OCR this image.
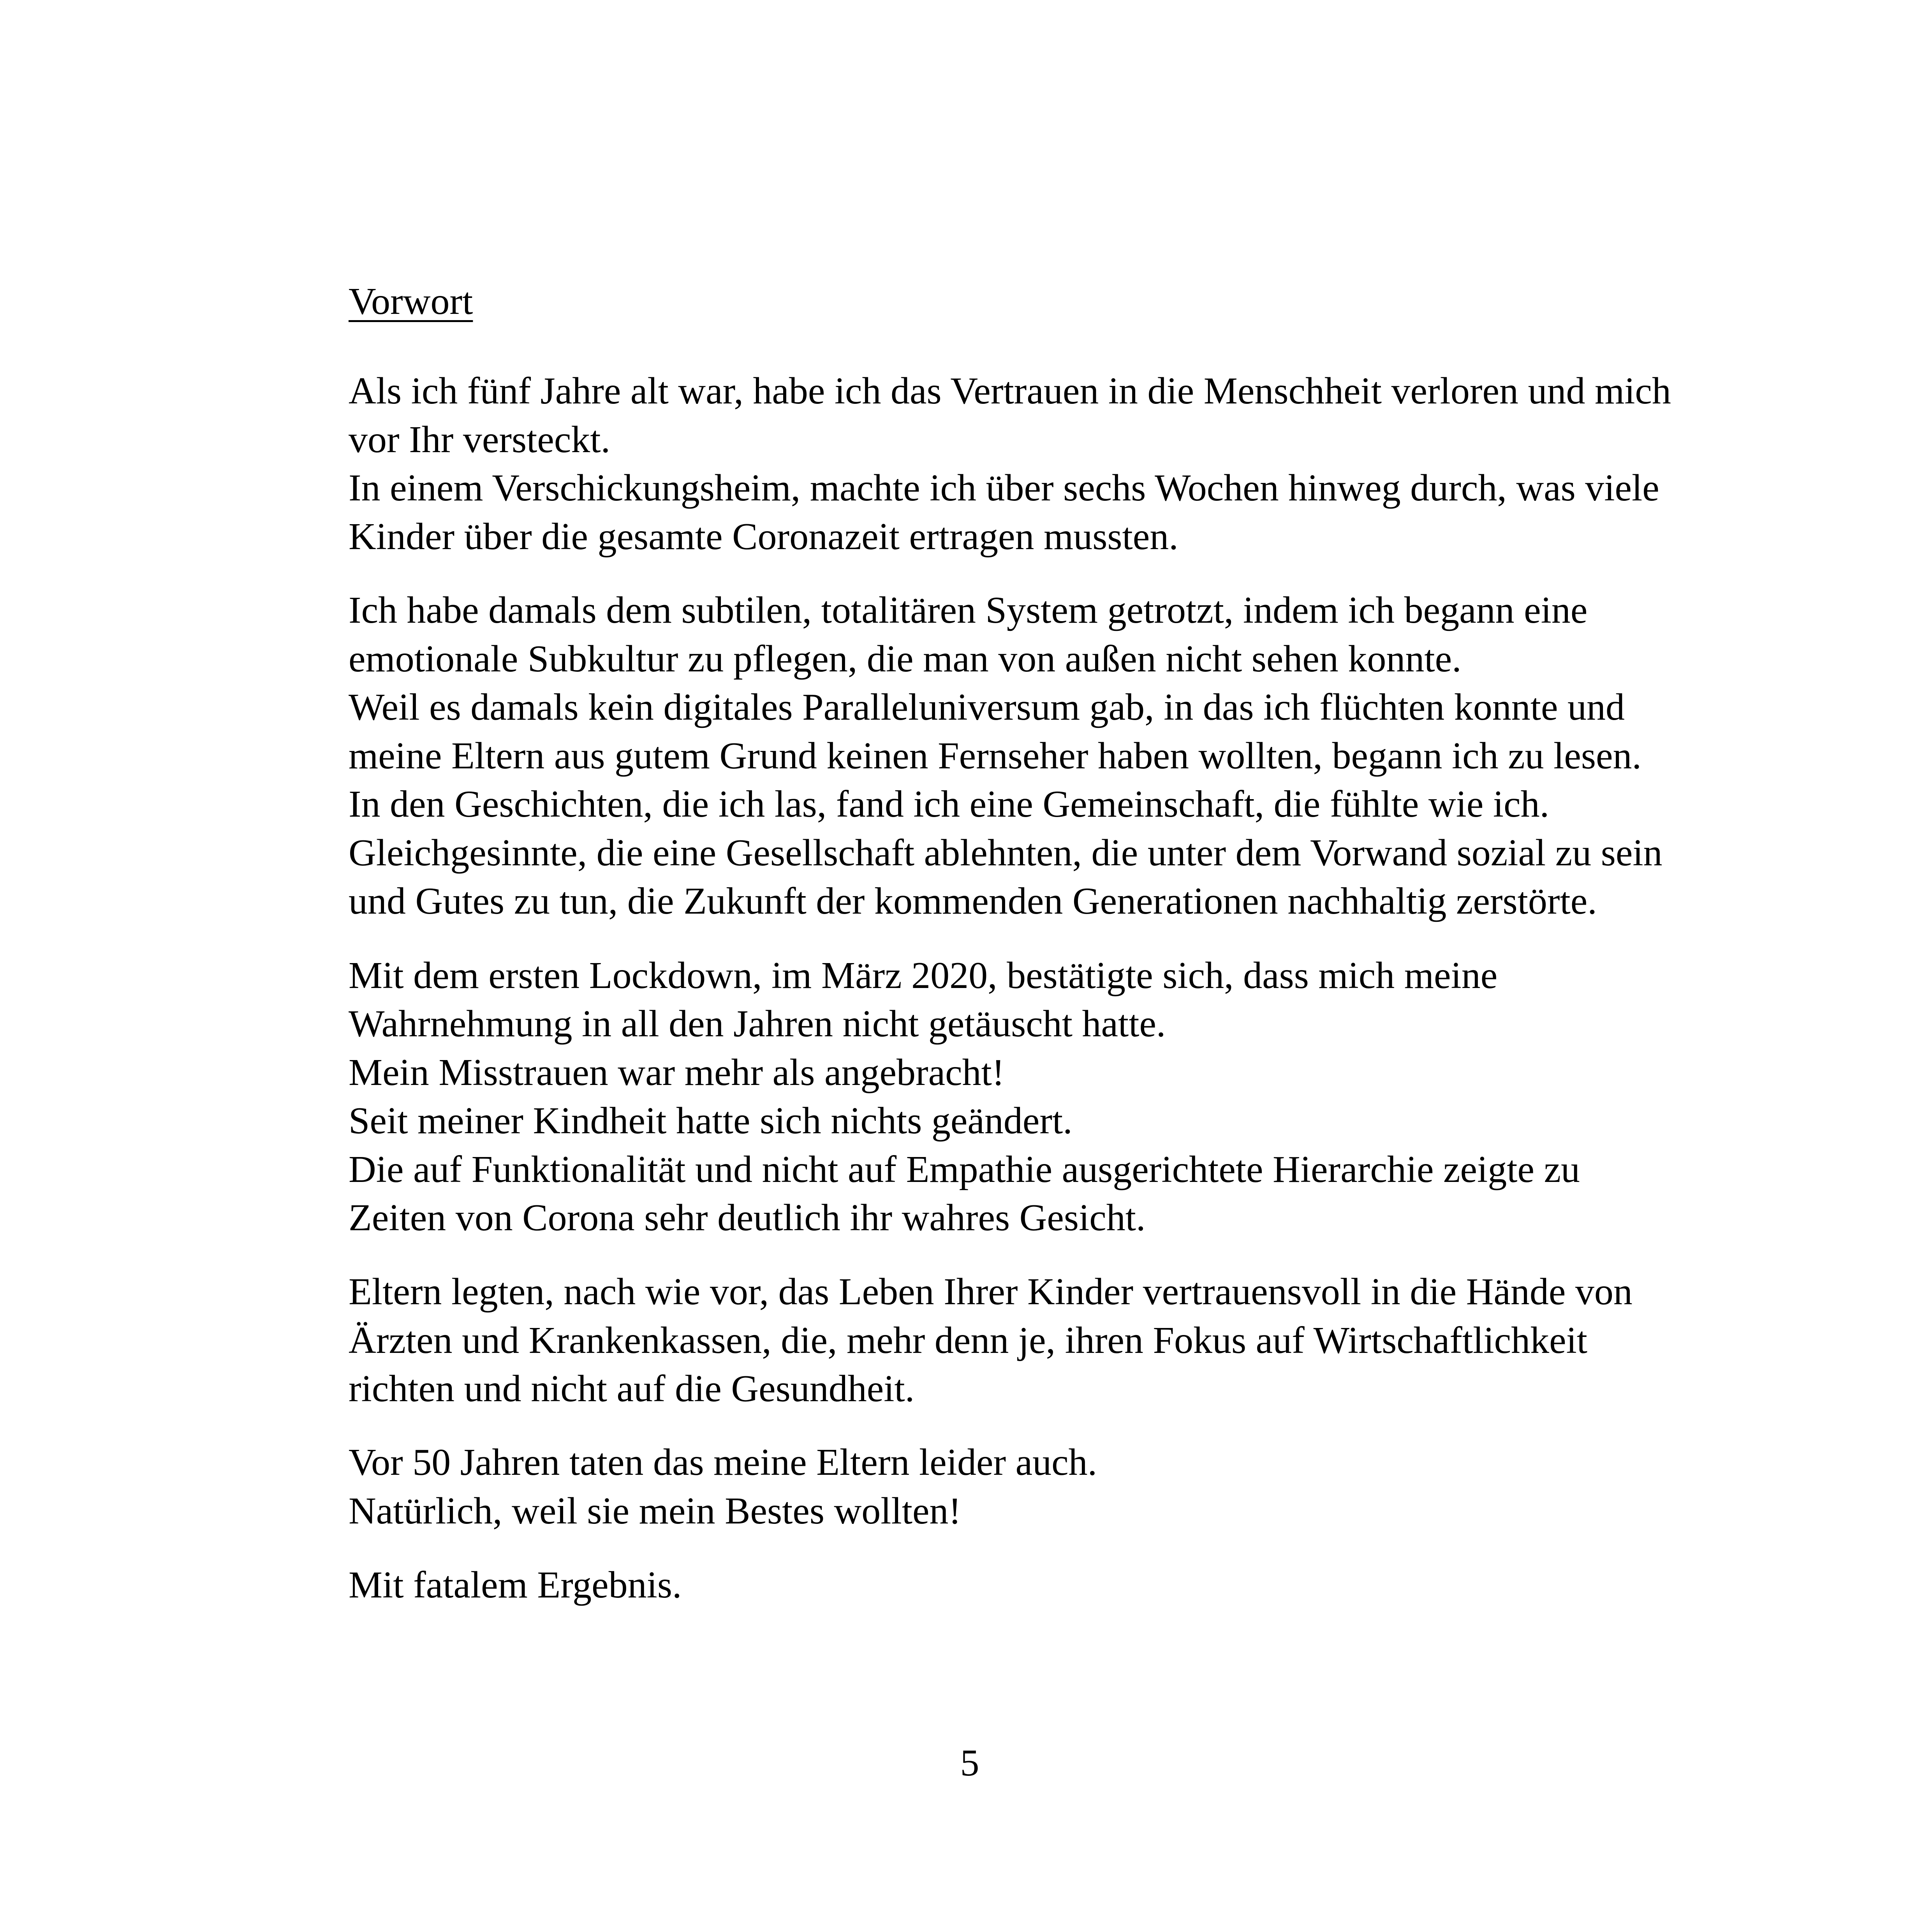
Vorwort

Als ich fünf Jahre alt war, habe ich das Vertrauen in die Menschheit verloren und mich

vor Ihr versteckt.

In einem Verschickungsheim, machte ich über sechs Wochen hinweg durch, was viele

Kinder über die gesamte Coronazeit ertragen mussten.

Ich habe damals dem subtilen, totalitären System getrotzt, indem ich begann eine

emotionale Subkultur zu pflegen, die man von außen nicht sehen konnte.

Weil es damals kein digitales Paralleluniversum gab, in das ich flüchten konnte und

meine Eltern aus gutem Grund keinen Fernseher haben wollten, begann ich zu lesen.

In den Geschichten, die ich las, fand ich eine Gemeinschaft, die fühlte wie ich.

Gleichgesinnte, die eine Gesellschaft ablehnten, die unter dem Vorwand sozial zu sein

und Gutes zu tun, die Zukunft der kommenden Generationen nachhaltig zerstörte.

Mit dem ersten Lockdown, im März 2020, bestätigte sich, dass mich meine

Wahrnehmung in all den Jahren nicht getäuscht hatte.

Mein Misstrauen war mehr als angebracht!

Seit meiner Kindheit hatte sich nichts geändert.

Die auf Funktionalität und nicht auf Empathie ausgerichtete Hierarchie zeigte zu

Zeiten von Corona sehr deutlich ihr wahres Gesicht.

Eltern legten, nach wie vor, das Leben Ihrer Kinder vertrauensvoll in die Hände von

Ärzten und Krankenkassen, die, mehr denn je, ihren Fokus auf Wirtschaftlichkeit

richten und nicht auf die Gesundheit.

Vor 50 Jahren taten das meine Eltern leider auch.

Natürlich, weil sie mein Bestes wollten!

Mit fatalem Ergebnis.

5
